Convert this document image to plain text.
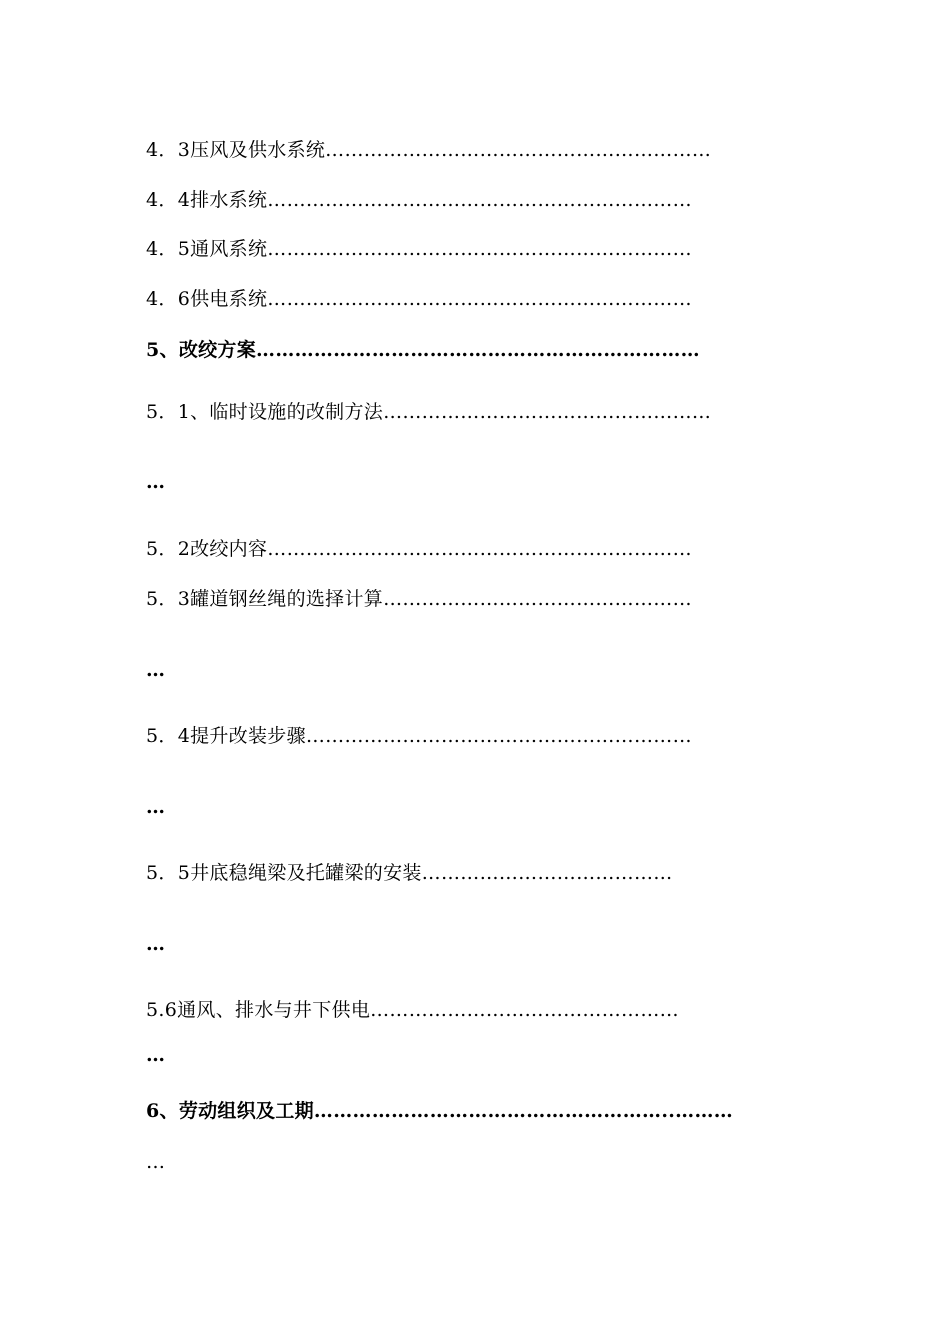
4．3压风及供水系统……………………………………………………
4．4排水系统…………………………………………………………
4．5通风系统…………………………………………………………
4．6供电系统…………………………………………………………
5、改绞方案……………………………………………………………
5．1、临时设施的改制方法……………………………………………
…
5．2改绞内容…………………………………………………………
5．3罐道钢丝绳的选择计算…………………………………………
…
5．4提升改装步骤……………………………………………………
…
5．5井底稳绳梁及托罐梁的安装…………………………………
…
5.6通风、排水与井下供电…………………………………………
…
6、劳动组织及工期………………………………………………..………
…
